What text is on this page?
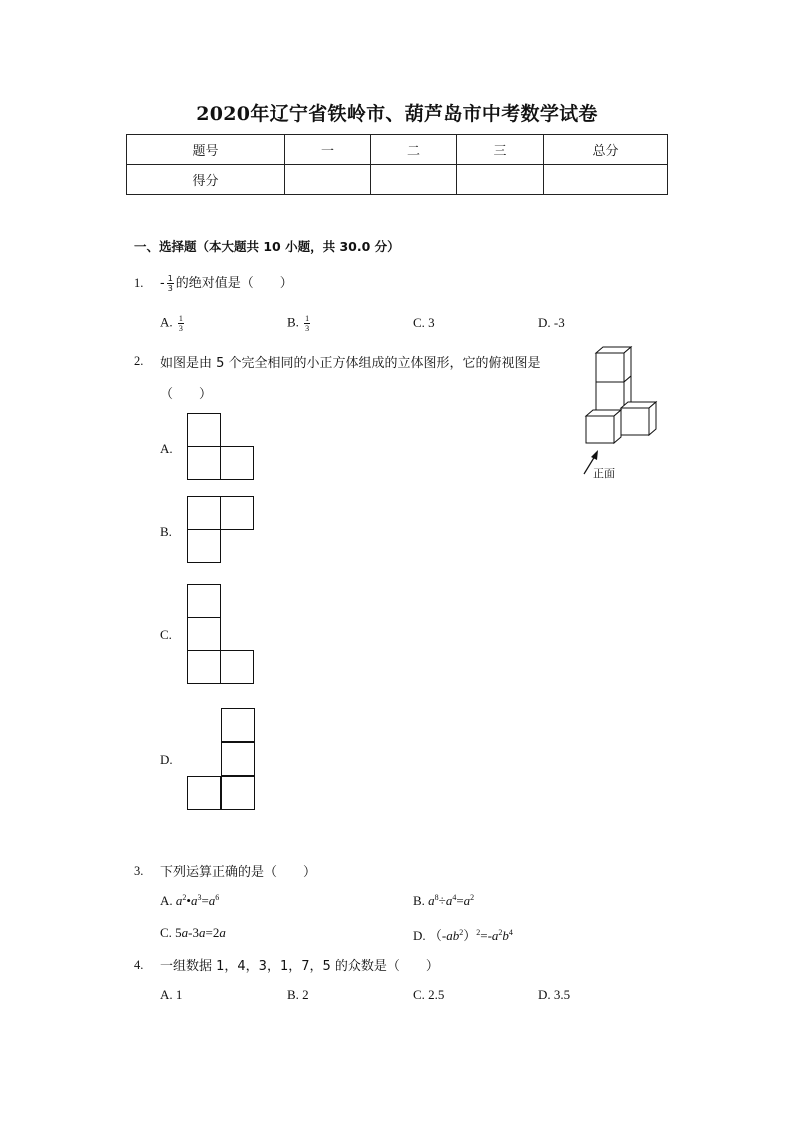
2020年辽宁省铁岭市、葫芦岛市中考数学试卷
题号	一	二	三	总分
得分				
一、选择题（本大题共 10 小题，共 30.0 分）
1. - $\frac{1}{3}$ 的绝对值是（　　）
A. $\frac{1}{3}$	B. $\frac{1}{3}$	C. 3	D. -3
2. 如图是由 5 个完全相同的小正方体组成的立体图形，它的俯视图是
（　　）
正面
A.
B.
C.
D.
3. 下列运算正确的是（　　）
A. $a^2•a^3=a^6$	B. $a^8\div a^4=a^2$
C. 5a-3a=2a	D. $(-ab^2)^2=-a^2b^4$
4. 一组数据 1，4，3，1，7，5 的众数是（　　）
A. 1	B. 2	C. 2.5	D. 3.5
